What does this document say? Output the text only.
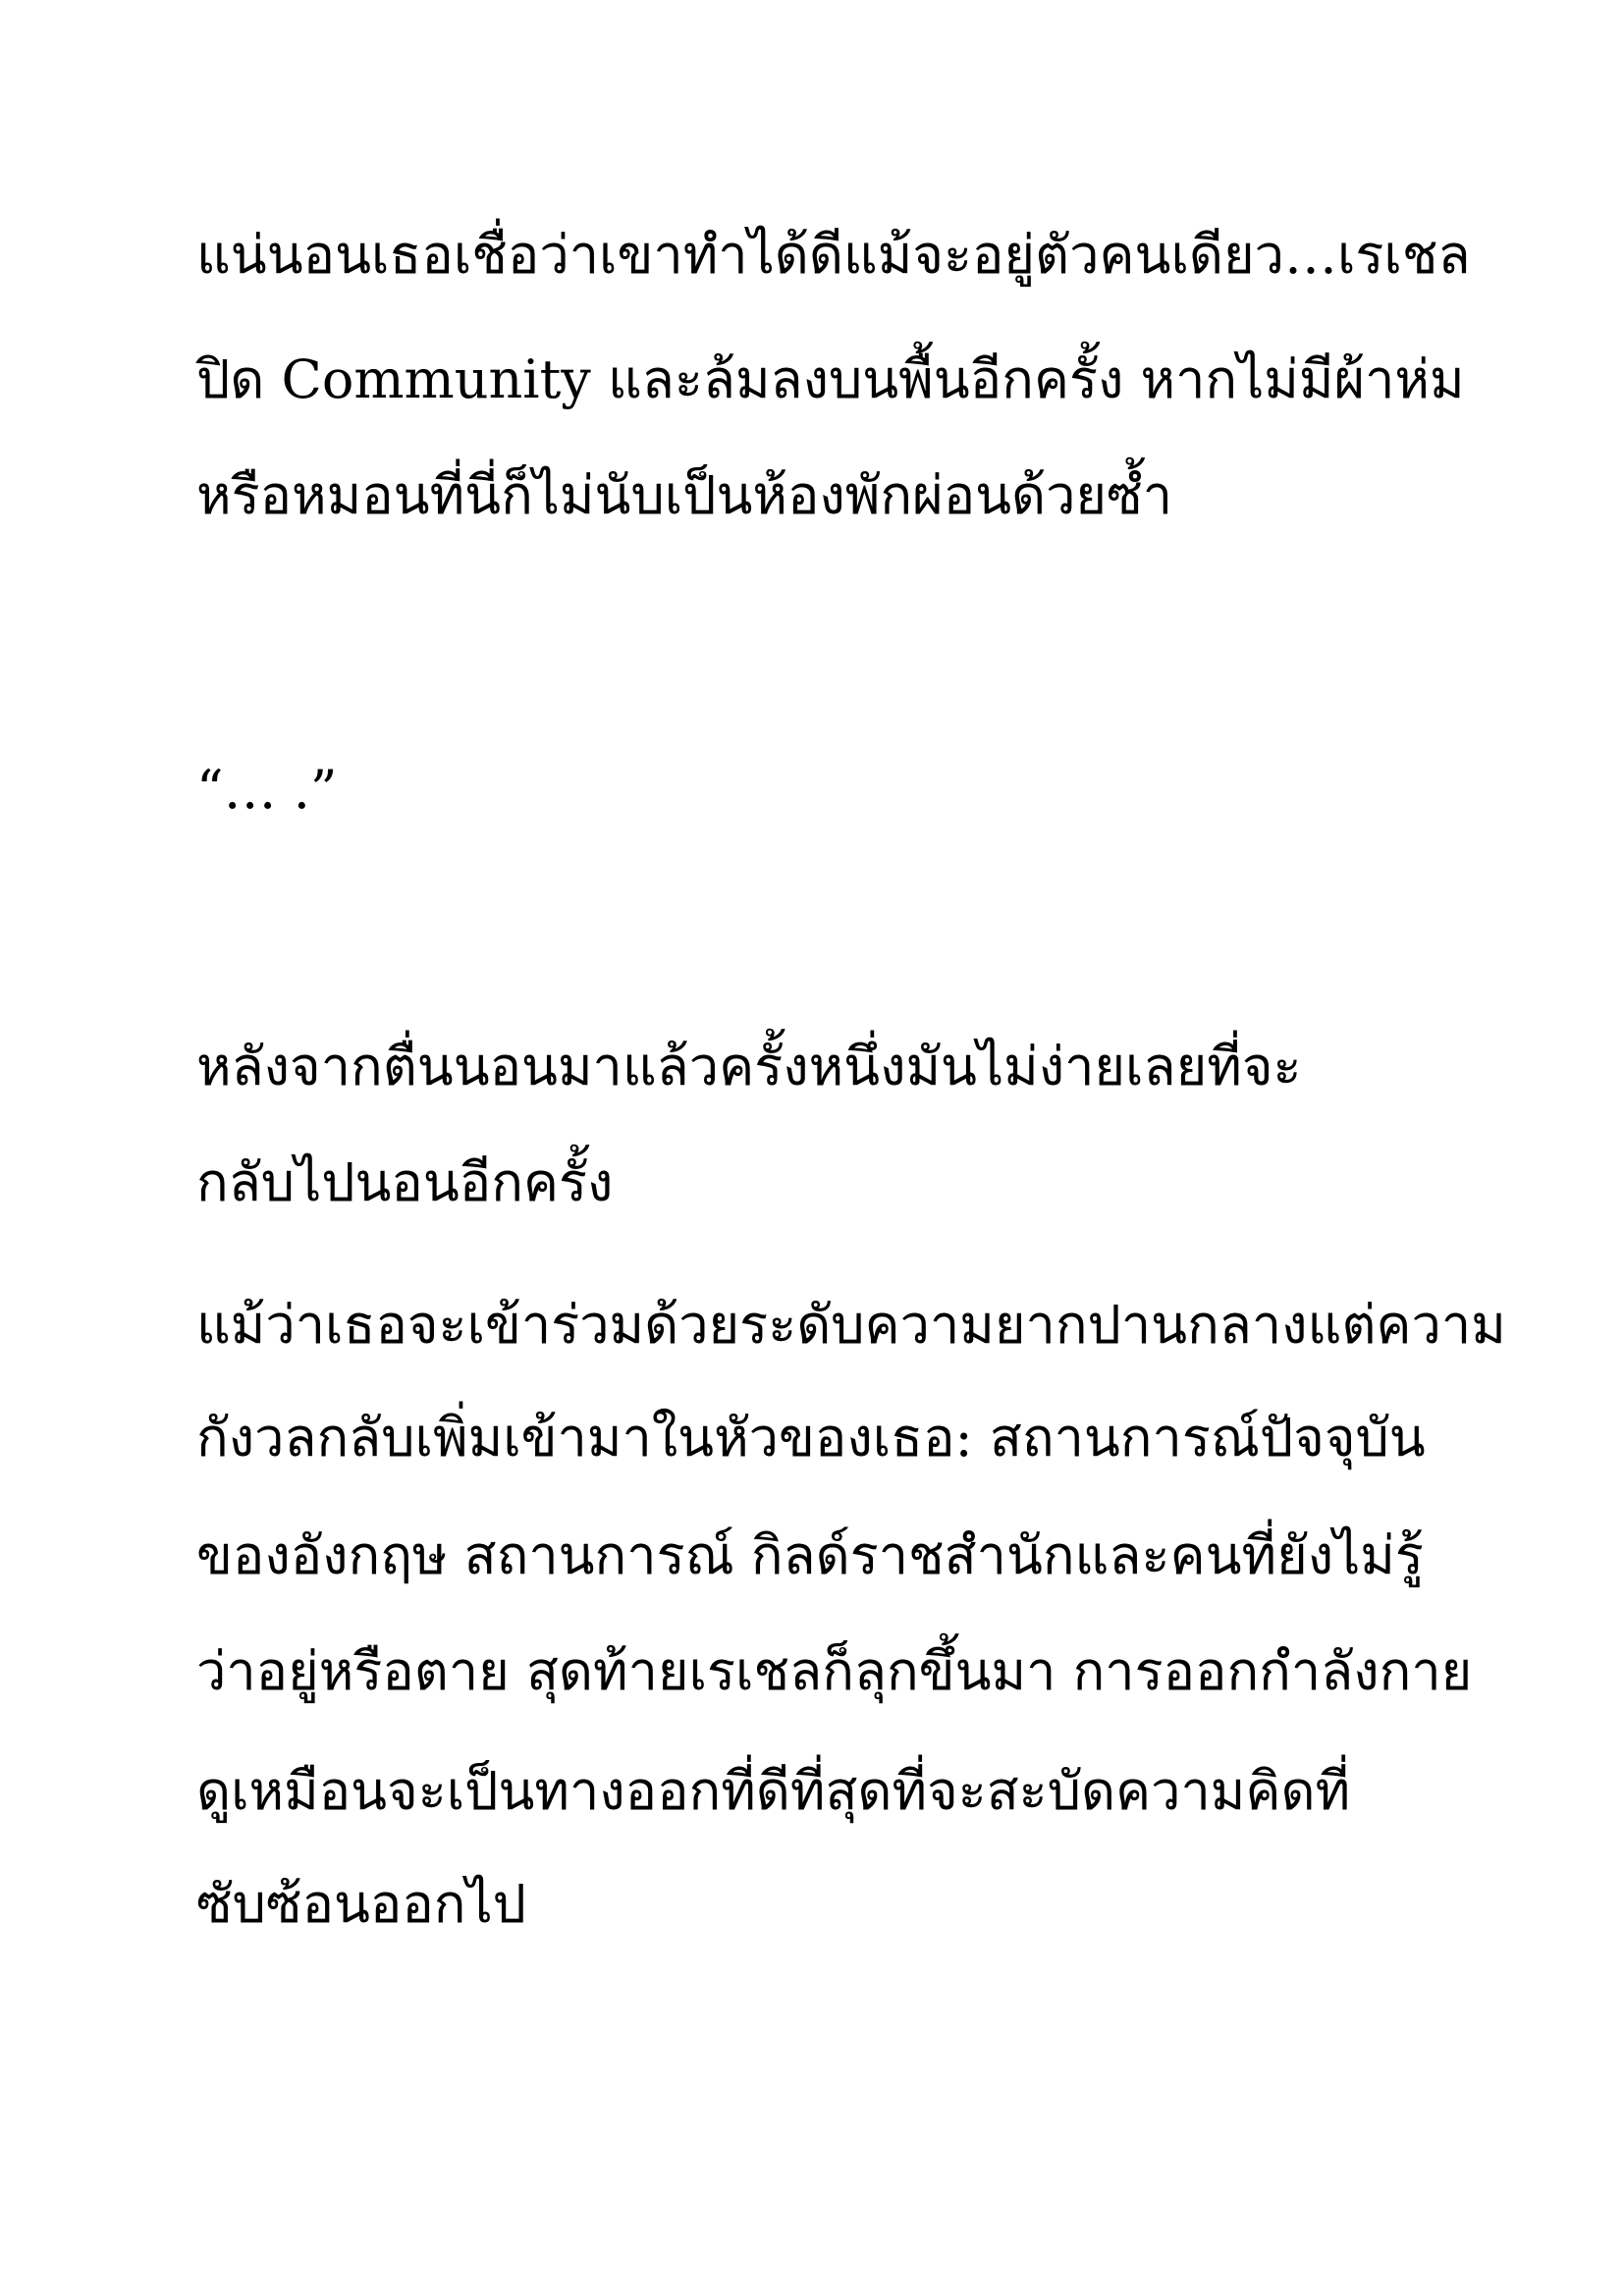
แน่นอนเธอเชื่อว่าเขาทำได้ดีแม้จะอยู่ตัวคนเดียว…เรเชล
ปิด Community และล้มลงบนพื้นอีกครั้ง หากไม่มีผ้าห่ม
หรือหมอนที่นี่ก็ไม่นับเป็นห้องพักผ่อนด้วยซ้ำ
“… .”
หลังจากตื่นนอนมาแล้วครั้งหนึ่งมันไม่ง่ายเลยที่จะ
กลับไปนอนอีกครั้ง
แม้ว่าเธอจะเข้าร่วมด้วยระดับความยากปานกลางแต่ความ
กังวลกลับเพิ่มเข้ามาในหัวของเธอ: สถานการณ์ปัจจุบัน
ของอังกฤษ สถานการณ์ กิลด์ราชสำนักและคนที่ยังไม่รู้
ว่าอยู่หรือตาย สุดท้ายเรเชลก็ลุกขึ้นมา การออกกำลังกาย
ดูเหมือนจะเป็นทางออกที่ดีที่สุดที่จะสะบัดความคิดที่
ซับซ้อนออกไป
